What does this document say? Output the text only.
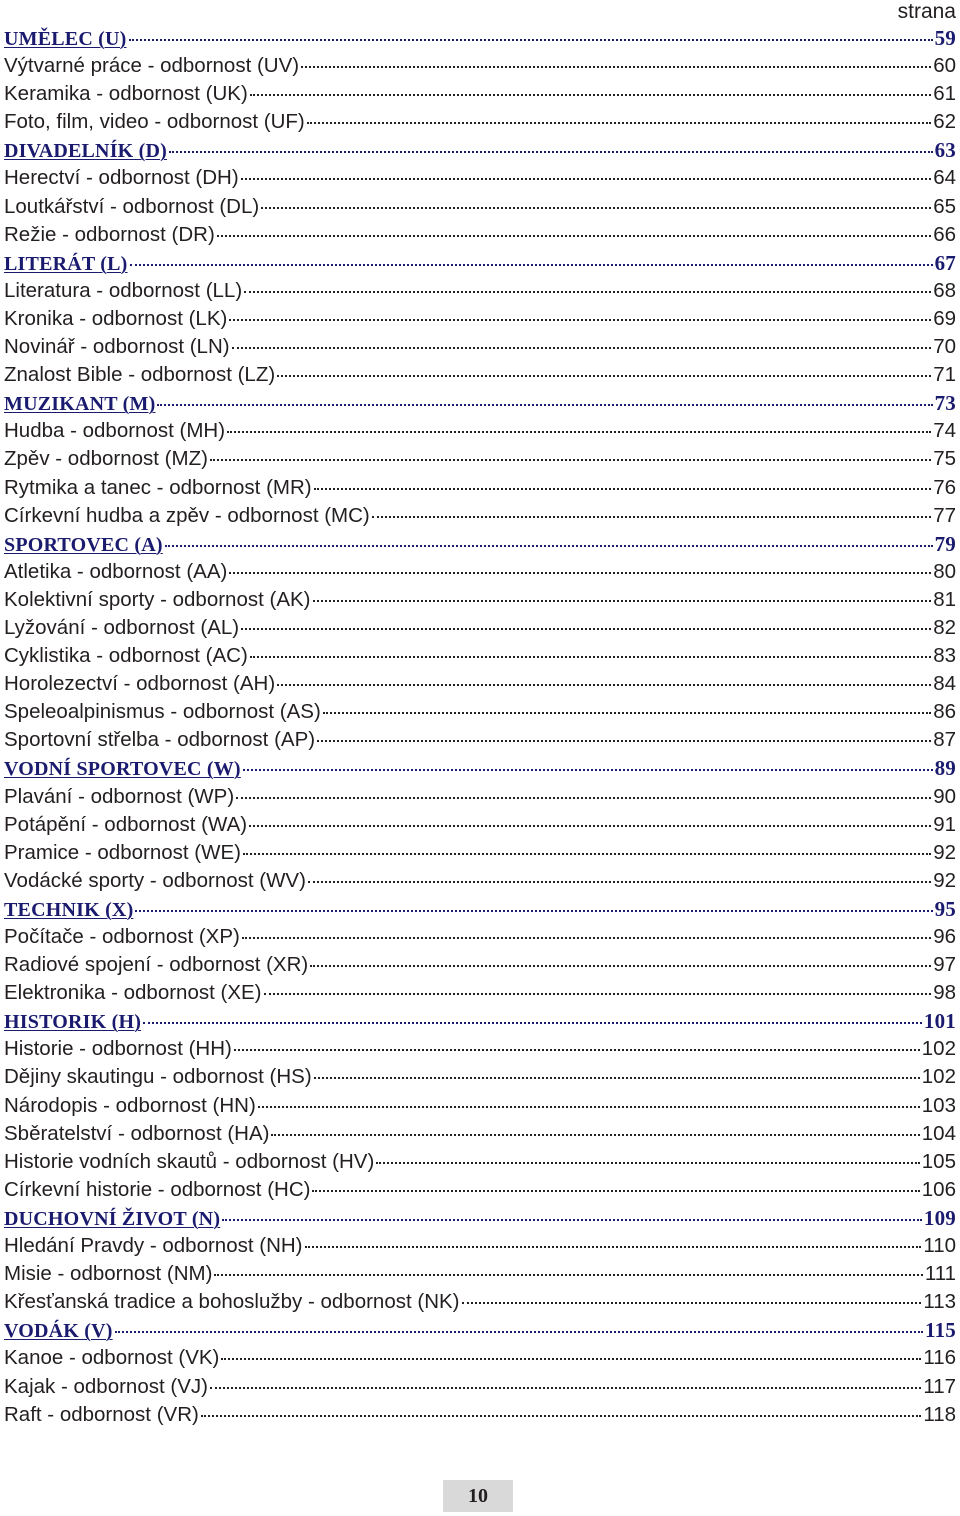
strana
UMĚLEC (U)	59
Výtvarné práce - odbornost (UV)	60
Keramika - odbornost (UK)	61
Foto, film, video - odbornost (UF)	62
DIVADELNÍK (D)	63
Herectví - odbornost (DH)	64
Loutkářství - odbornost (DL)	65
Režie - odbornost (DR)	66
LITERÁT (L)	67
Literatura - odbornost (LL)	68
Kronika - odbornost (LK)	69
Novinář - odbornost (LN)	70
Znalost Bible - odbornost (LZ)	71
MUZIKANT (M)	73
Hudba - odbornost (MH)	74
Zpěv - odbornost (MZ)	75
Rytmika a tanec - odbornost (MR)	76
Církevní hudba a zpěv - odbornost (MC)	77
SPORTOVEC (A)	79
Atletika - odbornost (AA)	80
Kolektivní sporty - odbornost (AK)	81
Lyžování - odbornost (AL)	82
Cyklistika - odbornost (AC)	83
Horolezectví - odbornost (AH)	84
Speleoalpinismus - odbornost (AS)	86
Sportovní střelba - odbornost (AP)	87
VODNÍ SPORTOVEC (W)	89
Plavání - odbornost (WP)	90
Potápění - odbornost (WA)	91
Pramice - odbornost (WE)	92
Vodácké sporty - odbornost (WV)	92
TECHNIK (X)	95
Počítače - odbornost (XP)	96
Radiové spojení - odbornost (XR)	97
Elektronika - odbornost (XE)	98
HISTORIK (H)	101
Historie - odbornost (HH)	102
Dějiny skautingu - odbornost (HS)	102
Národopis - odbornost (HN)	103
Sběratelství - odbornost (HA)	104
Historie vodních skautů - odbornost (HV)	105
Církevní historie - odbornost (HC)	106
DUCHOVNÍ ŽIVOT (N)	109
Hledání Pravdy - odbornost (NH)	110
Misie - odbornost (NM)	111
Křesťanská tradice a bohoslužby - odbornost (NK)	113
VODÁK (V)	115
Kanoe - odbornost (VK)	116
Kajak - odbornost (VJ)	117
Raft - odbornost (VR)	118
10
